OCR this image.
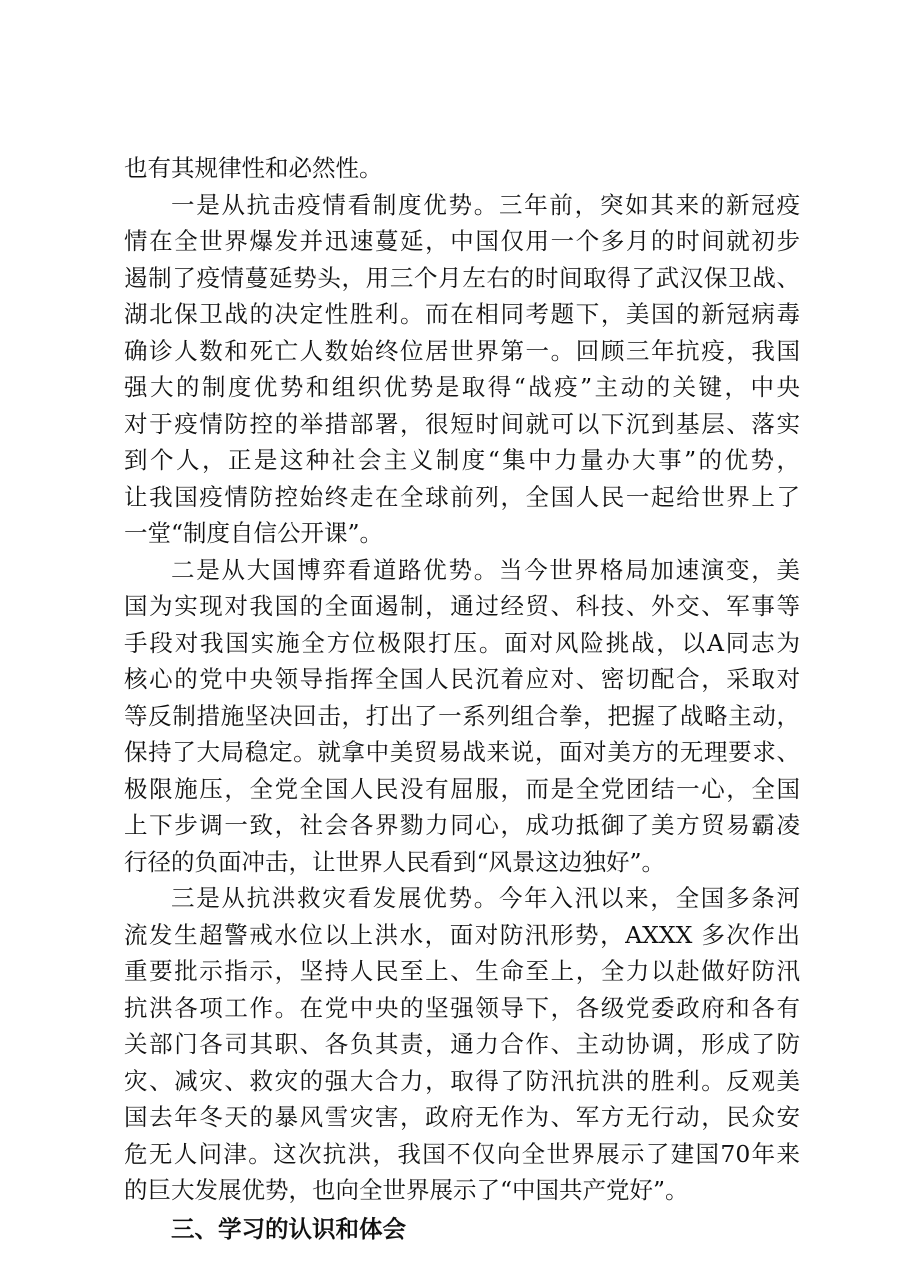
也有其规律性和必然性。
一是从抗击疫情看制度优势。三年前，突如其来的新冠疫
情在全世界爆发并迅速蔓延，中国仅用一个多月的时间就初步
遏制了疫情蔓延势头，用三个月左右的时间取得了武汉保卫战、
湖北保卫战的决定性胜利。而在相同考题下，美国的新冠病毒
确诊人数和死亡人数始终位居世界第一。回顾三年抗疫，我国
强大的制度优势和组织优势是取得“战疫”主动的关键，中央
对于疫情防控的举措部署，很短时间就可以下沉到基层、落实
到个人，正是这种社会主义制度“集中力量办大事”的优势，
让我国疫情防控始终走在全球前列，全国人民一起给世界上了
一堂“制度自信公开课”。
二是从大国博弈看道路优势。当今世界格局加速演变，美
国为实现对我国的全面遏制，通过经贸、科技、外交、军事等
手段对我国实施全方位极限打压。面对风险挑战，以A同志为
核心的党中央领导指挥全国人民沉着应对、密切配合，采取对
等反制措施坚决回击，打出了一系列组合拳，把握了战略主动，
保持了大局稳定。就拿中美贸易战来说，面对美方的无理要求、
极限施压，全党全国人民没有屈服，而是全党团结一心，全国
上下步调一致，社会各界勠力同心，成功抵御了美方贸易霸凌
行径的负面冲击，让世界人民看到“风景这边独好”。
三是从抗洪救灾看发展优势。今年入汛以来，全国多条河
流发生超警戒水位以上洪水，面对防汛形势，AXXX 多次作出
重要批示指示，坚持人民至上、生命至上，全力以赴做好防汛
抗洪各项工作。在党中央的坚强领导下，各级党委政府和各有
关部门各司其职、各负其责，通力合作、主动协调，形成了防
灾、减灾、救灾的强大合力，取得了防汛抗洪的胜利。反观美
国去年冬天的暴风雪灾害，政府无作为、军方无行动，民众安
危无人问津。这次抗洪，我国不仅向全世界展示了建国70年来
的巨大发展优势，也向全世界展示了“中国共产党好”。
三、学习的认识和体会
